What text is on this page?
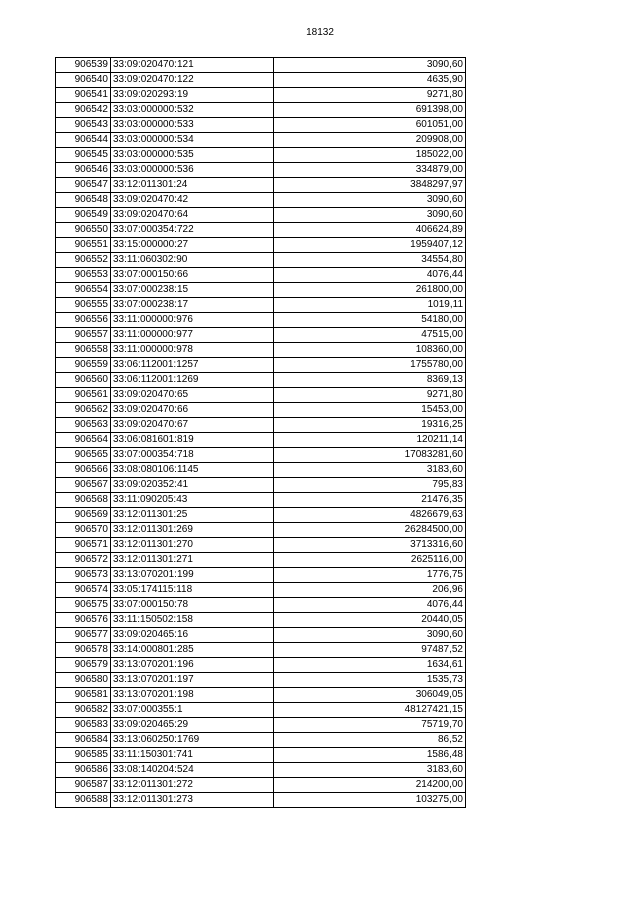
18132
906539	33:09:020470:121	3090,60
906540	33:09:020470:122	4635,90
906541	33:09:020293:19	9271,80
906542	33:03:000000:532	691398,00
906543	33:03:000000:533	601051,00
906544	33:03:000000:534	209908,00
906545	33:03:000000:535	185022,00
906546	33:03:000000:536	334879,00
906547	33:12:011301:24	3848297,97
906548	33:09:020470:42	3090,60
906549	33:09:020470:64	3090,60
906550	33:07:000354:722	406624,89
906551	33:15:000000:27	1959407,12
906552	33:11:060302:90	34554,80
906553	33:07:000150:66	4076,44
906554	33:07:000238:15	261800,00
906555	33:07:000238:17	1019,11
906556	33:11:000000:976	54180,00
906557	33:11:000000:977	47515,00
906558	33:11:000000:978	108360,00
906559	33:06:112001:1257	1755780,00
906560	33:06:112001:1269	8369,13
906561	33:09:020470:65	9271,80
906562	33:09:020470:66	15453,00
906563	33:09:020470:67	19316,25
906564	33:06:081601:819	120211,14
906565	33:07:000354:718	17083281,60
906566	33:08:080106:1145	3183,60
906567	33:09:020352:41	795,83
906568	33:11:090205:43	21476,35
906569	33:12:011301:25	4826679,63
906570	33:12:011301:269	26284500,00
906571	33:12:011301:270	3713316,60
906572	33:12:011301:271	2625116,00
906573	33:13:070201:199	1776,75
906574	33:05:174115:118	206,96
906575	33:07:000150:78	4076,44
906576	33:11:150502:158	20440,05
906577	33:09:020465:16	3090,60
906578	33:14:000801:285	97487,52
906579	33:13:070201:196	1634,61
906580	33:13:070201:197	1535,73
906581	33:13:070201:198	306049,05
906582	33:07:000355:1	48127421,15
906583	33:09:020465:29	75719,70
906584	33:13:060250:1769	86,52
906585	33:11:150301:741	1586,48
906586	33:08:140204:524	3183,60
906587	33:12:011301:272	214200,00
906588	33:12:011301:273	103275,00
